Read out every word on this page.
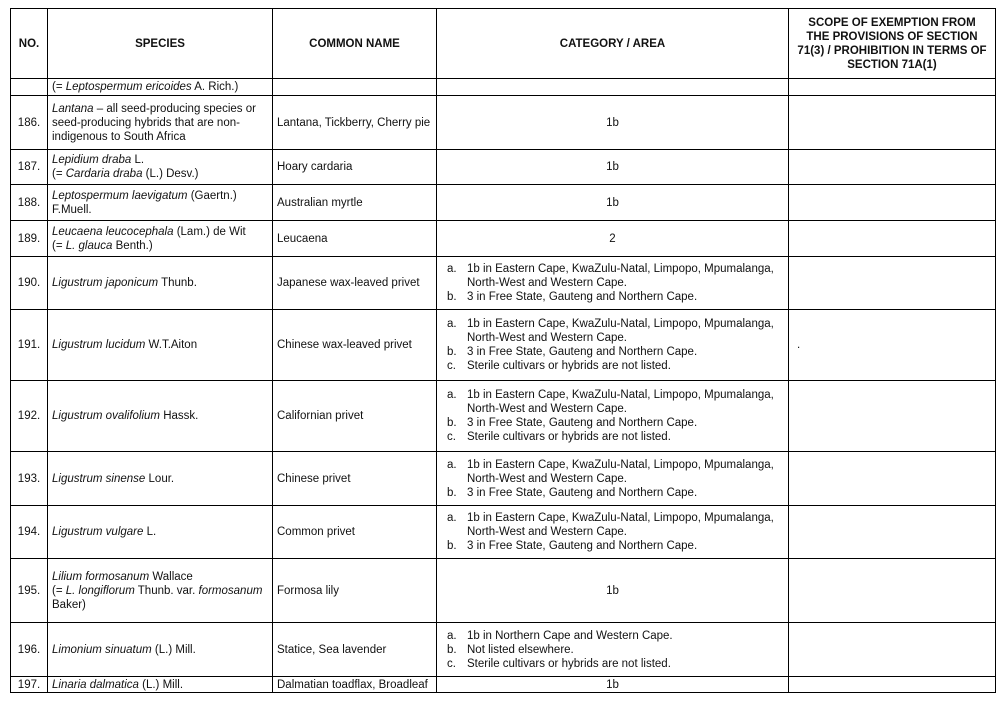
NO.	SPECIES	COMMON NAME	CATEGORY / AREA	SCOPE OF EXEMPTION FROM
THE PROVISIONS OF SECTION
71(3) / PROHIBITION IN TERMS OF
SECTION 71A(1)
	(= Leptospermum ericoides A. Rich.)			
186.	Lantana – all seed-producing species or seed-producing hybrids that are non-indigenous to South Africa	Lantana, Tickberry, Cherry pie	1b	
187.	Lepidium draba L.
(= Cardaria draba (L.) Desv.)	Hoary cardaria	1b	
188.	Leptospermum laevigatum (Gaertn.) F.Muell.	Australian myrtle	1b	
189.	Leucaena leucocephala (Lam.) de Wit
(= L. glauca Benth.)	Leucaena	2	
190.	Ligustrum japonicum Thunb.	Japanese wax-leaved privet	a. 1b in Eastern Cape, KwaZulu-Natal, Limpopo, Mpumalanga,
North-West and Western Cape.
b. 3 in Free State, Gauteng and Northern Cape.	

191.	Ligustrum lucidum W.T.Aiton	Chinese wax-leaved privet	a. 1b in Eastern Cape, KwaZulu-Natal, Limpopo, Mpumalanga,
North-West and Western Cape.
b. 3 in Free State, Gauteng and Northern Cape.
c. Sterile cultivars or hybrids are not listed.	.
192.	Ligustrum ovalifolium Hassk.	Californian privet	a. 1b in Eastern Cape, KwaZulu-Natal, Limpopo, Mpumalanga,
North-West and Western Cape.
b. 3 in Free State, Gauteng and Northern Cape.
c. Sterile cultivars or hybrids are not listed.	

193.	Ligustrum sinense Lour.	Chinese privet	a. 1b in Eastern Cape, KwaZulu-Natal, Limpopo, Mpumalanga,
North-West and Western Cape.
b. 3 in Free State, Gauteng and Northern Cape.	

194.	Ligustrum vulgare L.	Common privet	a. 1b in Eastern Cape, KwaZulu-Natal, Limpopo, Mpumalanga,
North-West and Western Cape.
b. 3 in Free State, Gauteng and Northern Cape.	

195.	Lilium formosanum Wallace
(= L. longiflorum Thunb. var. formosanum Baker)	Formosa lily	1b	
196.	Limonium sinuatum (L.) Mill.	Statice, Sea lavender	a. 1b in Northern Cape and Western Cape.
b. Not listed elsewhere.
c. Sterile cultivars or hybrids are not listed.	

197.	Linaria dalmatica (L.) Mill.	Dalmatian toadflax, Broadleaf	1b	
